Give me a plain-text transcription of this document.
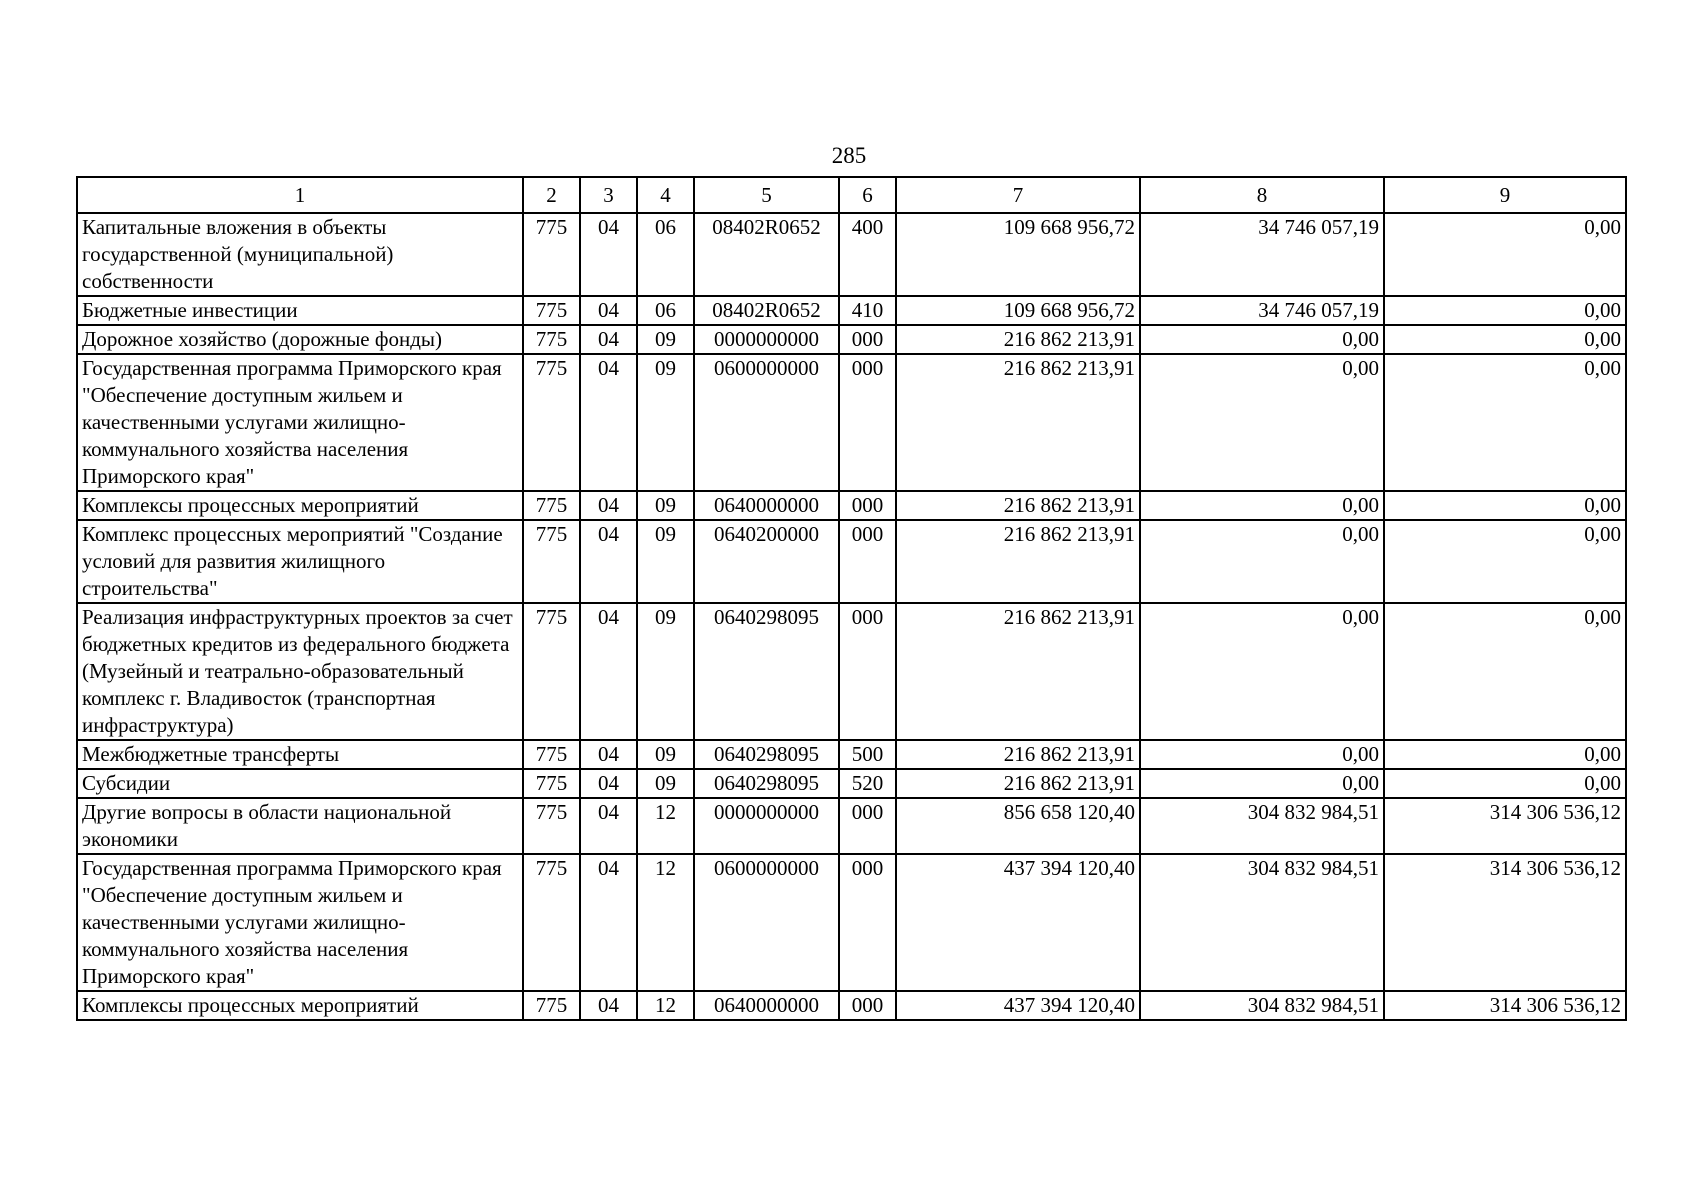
285
1	2	3	4	5	6	7	8	9
Капитальные вложения в объекты государственной (муниципальной) собственности	775	04	06	08402R0652	400	109 668 956,72	34 746 057,19	0,00
Бюджетные инвестиции	775	04	06	08402R0652	410	109 668 956,72	34 746 057,19	0,00
Дорожное хозяйство (дорожные фонды)	775	04	09	0000000000	000	216 862 213,91	0,00	0,00
Государственная программа Приморского края "Обеспечение доступным жильем и качественными услугами жилищно-коммунального хозяйства населения Приморского края"	775	04	09	0600000000	000	216 862 213,91	0,00	0,00
Комплексы процессных мероприятий	775	04	09	0640000000	000	216 862 213,91	0,00	0,00
Комплекс процессных мероприятий "Создание условий для развития жилищного строительства"	775	04	09	0640200000	000	216 862 213,91	0,00	0,00
Реализация инфраструктурных проектов за счет бюджетных кредитов из федерального бюджета (Музейный и театрально-образовательный комплекс г. Владивосток (транспортная инфраструктура)	775	04	09	0640298095	000	216 862 213,91	0,00	0,00
Межбюджетные трансферты	775	04	09	0640298095	500	216 862 213,91	0,00	0,00
Субсидии	775	04	09	0640298095	520	216 862 213,91	0,00	0,00
Другие вопросы в области национальной экономики	775	04	12	0000000000	000	856 658 120,40	304 832 984,51	314 306 536,12
Государственная программа Приморского края "Обеспечение доступным жильем и качественными услугами жилищно-коммунального хозяйства населения Приморского края"	775	04	12	0600000000	000	437 394 120,40	304 832 984,51	314 306 536,12
Комплексы процессных мероприятий	775	04	12	0640000000	000	437 394 120,40	304 832 984,51	314 306 536,12
